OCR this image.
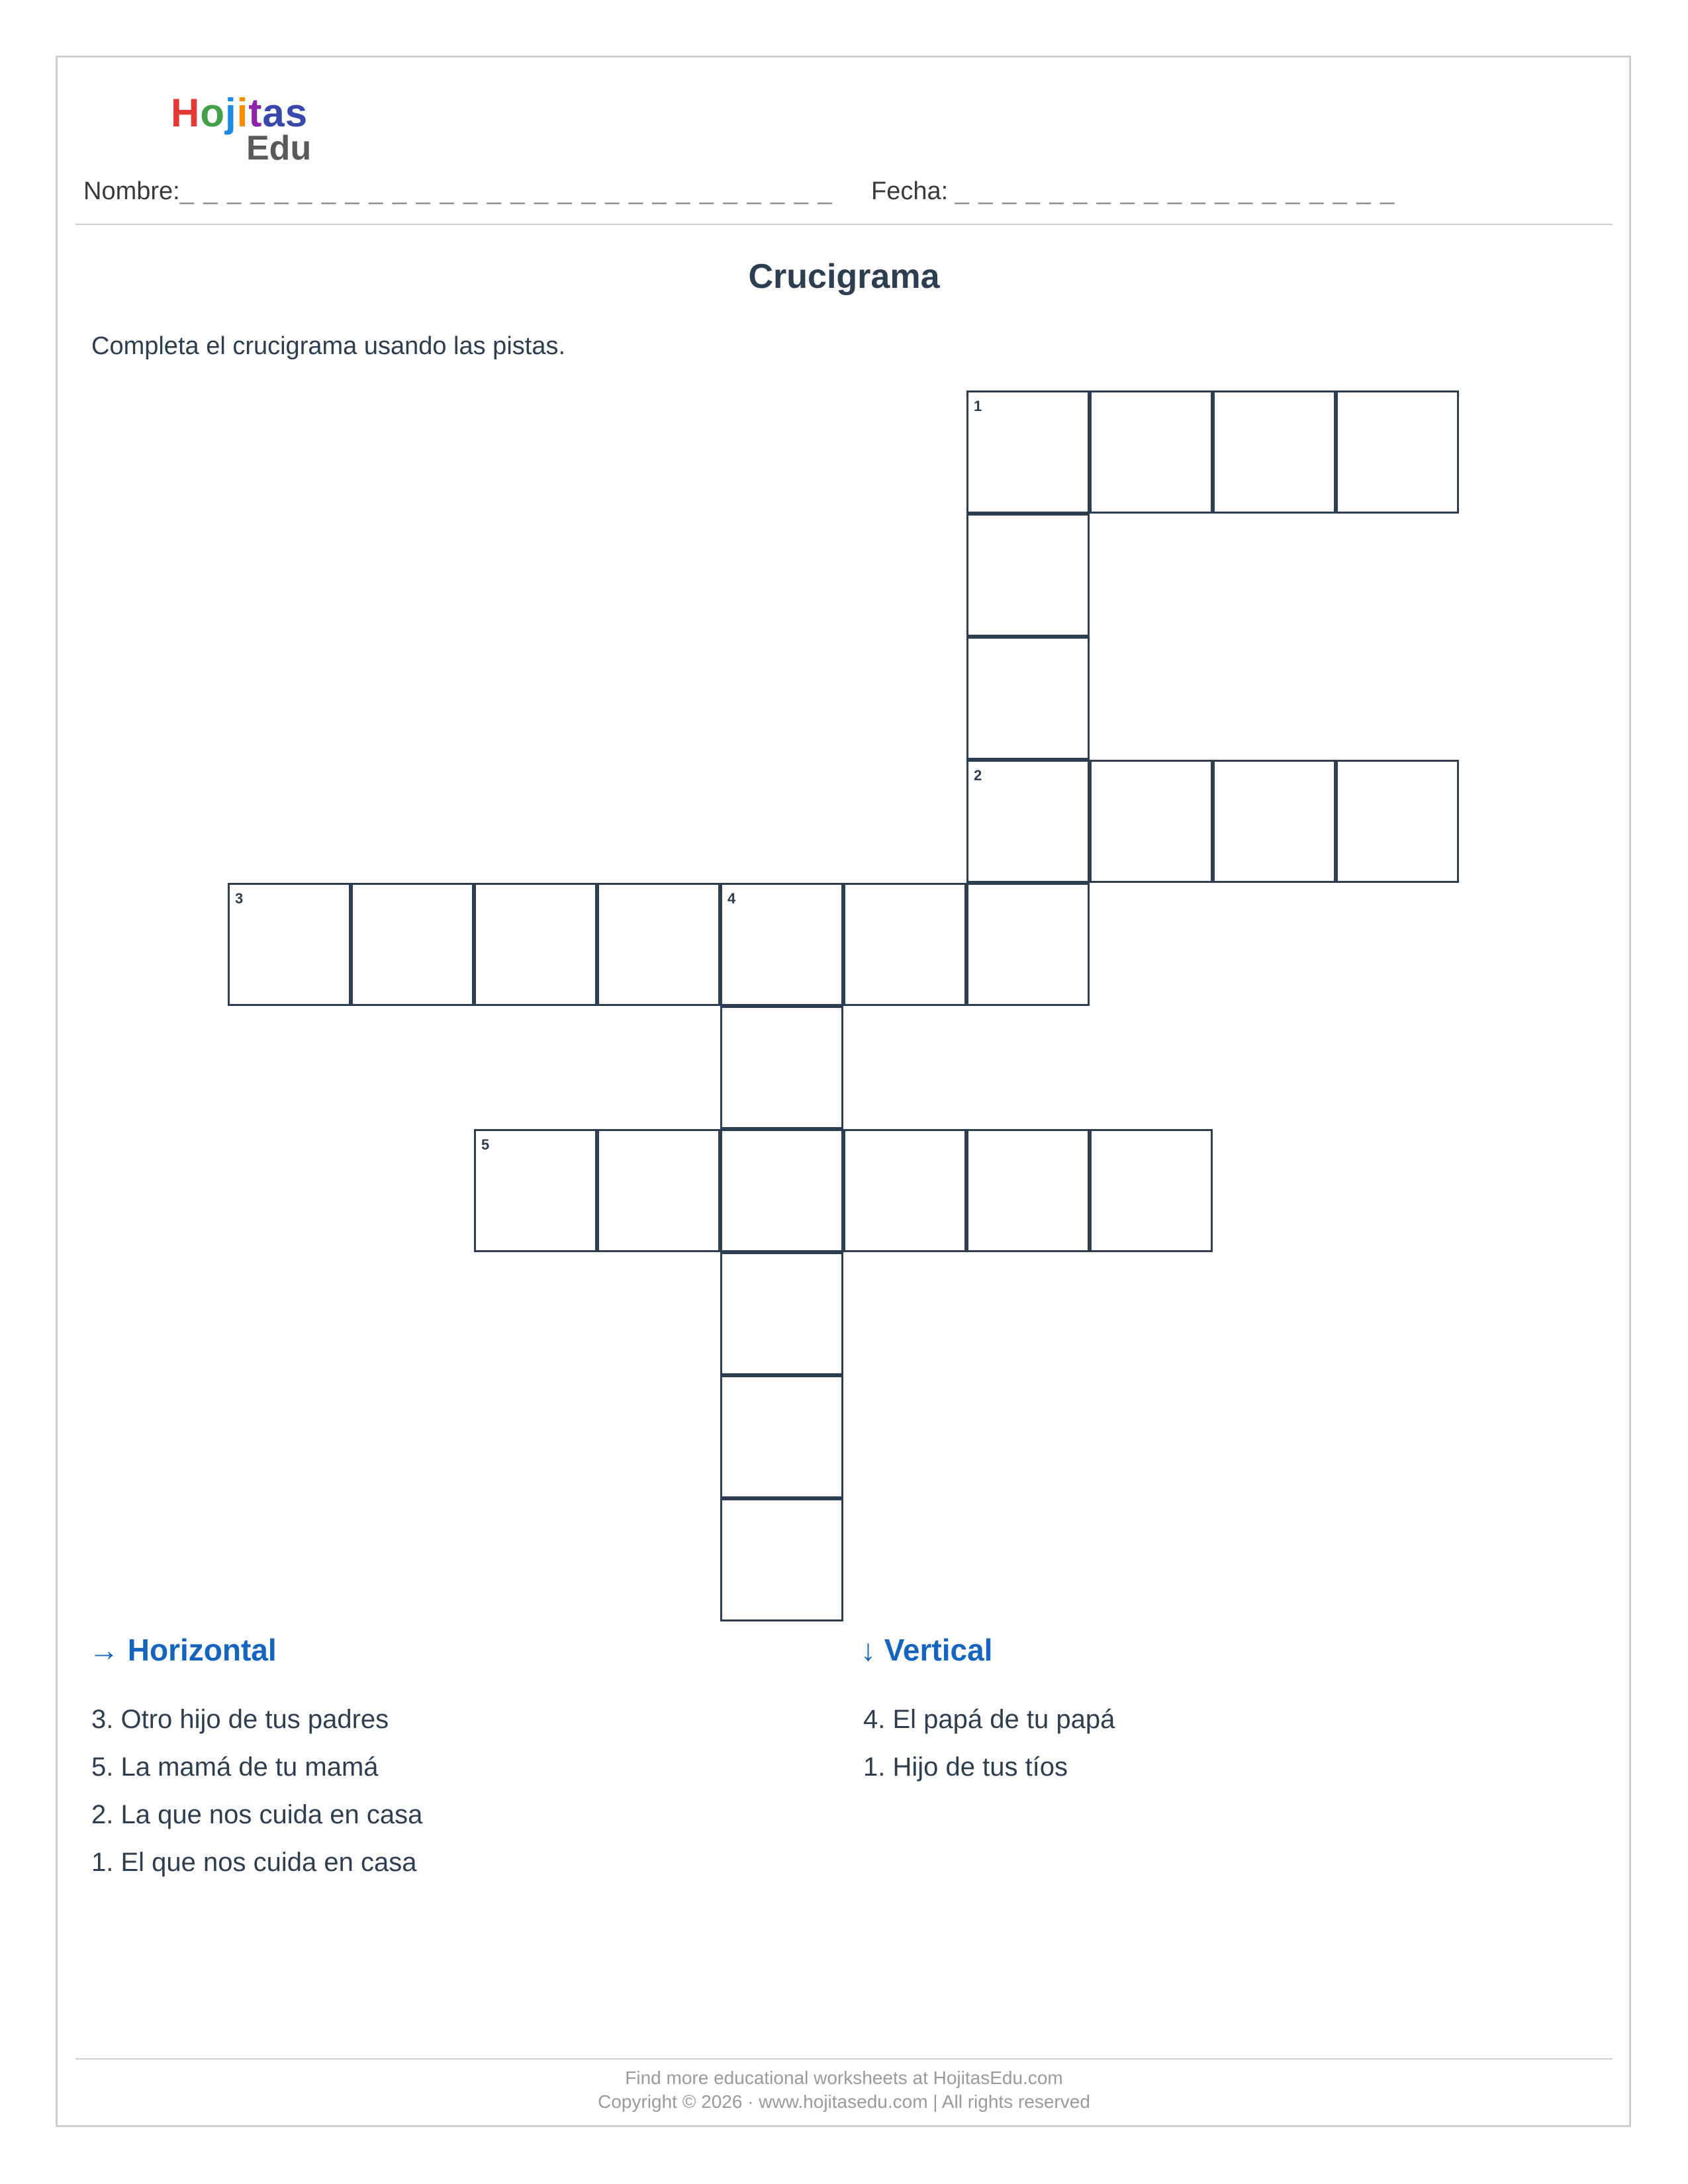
Hojitas
Edu
Nombre:_ _ _ _ _ _ _ _ _ _ _ _ _ _ _ _ _ _ _ _ _ _ _ _ _ _ _ _ Fecha: _ _ _ _ _ _ _ _ _ _ _ _ _ _ _ _ _ _ _
Crucigrama
Completa el crucigrama usando las pistas.
1
2
3	4
5
→ Horizontal	↓ Vertical
3. Otro hijo de tus padres
5. La mamá de tu mamá
2. La que nos cuida en casa
1. El que nos cuida en casa
4. El papá de tu papá
1. Hijo de tus tíos
Find more educational worksheets at HojitasEdu.com
Copyright © 2026 · www.hojitasedu.com | All rights reserved
